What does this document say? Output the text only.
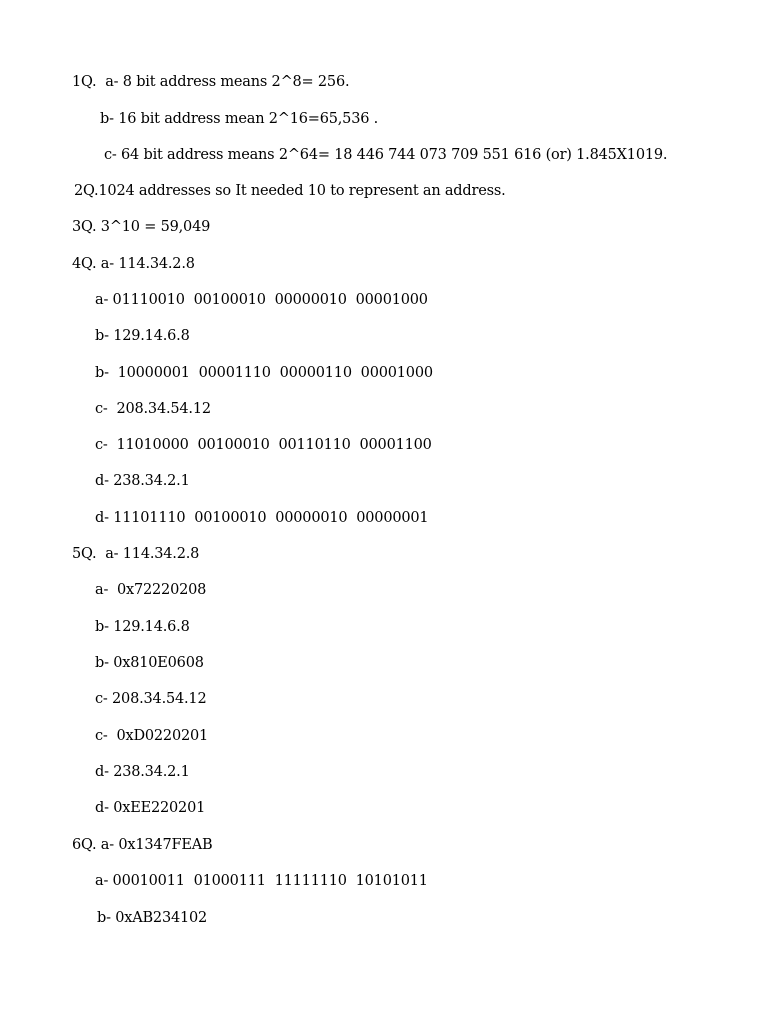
1Q.  a- 8 bit address means 2^8= 256.
b- 16 bit address mean 2^16=65,536 .
c- 64 bit address means 2^64= 18 446 744 073 709 551 616 (or) 1.845X1019.
2Q.1024 addresses so It needed 10 to represent an address.
3Q. 3^10 = 59,049
4Q. a- 114.34.2.8
a- 01110010  00100010  00000010  00001000
b- 129.14.6.8
b-  10000001  00001110  00000110  00001000
c-  208.34.54.12
c-  11010000  00100010  00110110  00001100
d- 238.34.2.1
d- 11101110  00100010  00000010  00000001
5Q.  a- 114.34.2.8
a-  0x72220208
b- 129.14.6.8
b- 0x810E0608
c- 208.34.54.12
c-  0xD0220201
d- 238.34.2.1
d- 0xEE220201
6Q. a- 0x1347FEAB
a- 00010011  01000111  11111110  10101011
b- 0xAB234102
